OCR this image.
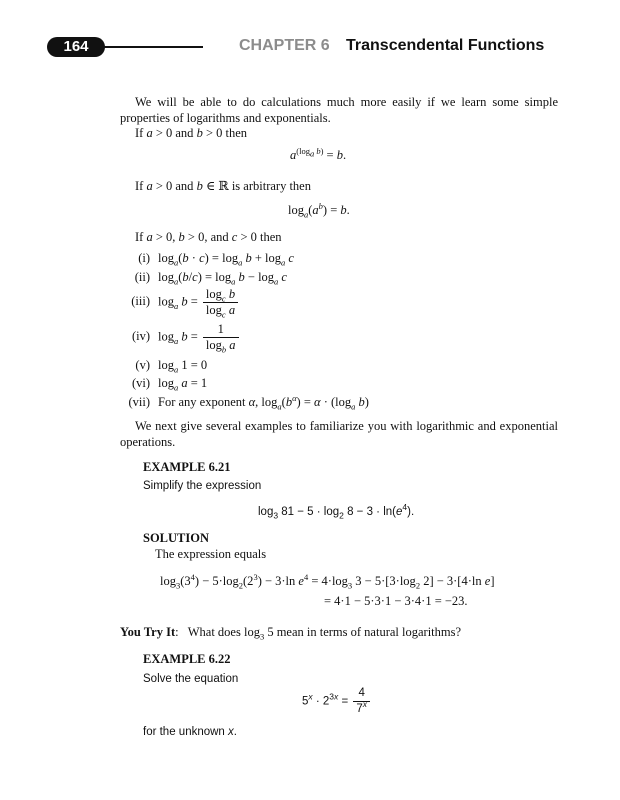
164	CHAPTER 6 Transcendental Functions
We will be able to do calculations much more easily if we learn some simple properties of logarithms and exponentials.
If a > 0 and b > 0 then
$a^{(log_a b)} = b$.
If a > 0 and b ∈ ℝ is arbitrary then
$\log_a(a^b) = b$.
If a > 0, b > 0, and c > 0 then
(i) $\log_a(b \cdot c) = \log_a b + \log_a c$
(ii) $\log_a(b/c) = \log_a b - \log_a c$
(iii) $\log_a b = \frac{\log_c b}{\log_c a}$
(iv) $\log_a b = \frac{1}{\log_b a}$
(v) $\log_a 1 = 0$
(vi) $\log_a a = 1$
(vii) For any exponent α, $\log_a(b^\alpha) = \alpha \cdot (\log_a$ b)
We next give several examples to familiarize you with logarithmic and exponential operations.
EXAMPLE 6.21
Simplify the expression
$\log_3 81 - 5 \cdot \log_2 8 - 3 \cdot \ln(e^4)$.
SOLUTION
The expression equals
$\log_3(3^4) - 5\cdot\log_2(2^3) - 3\cdot\ln$ $e^4 = 4\cdot\log_3$ $3 - 5\cdot[3\cdot\log_2$ 2] − 3·[4·ln e]
= 4·1 − 5·3·1 − 3·4·1 = −23.
You Try It:   What does $\log_3 5$ mean in terms of natural logarithms?
EXAMPLE 6.22
Solve the equation
$5^x \cdot 2^{3x} = \frac{4}{7^x}$
for the unknown x.
